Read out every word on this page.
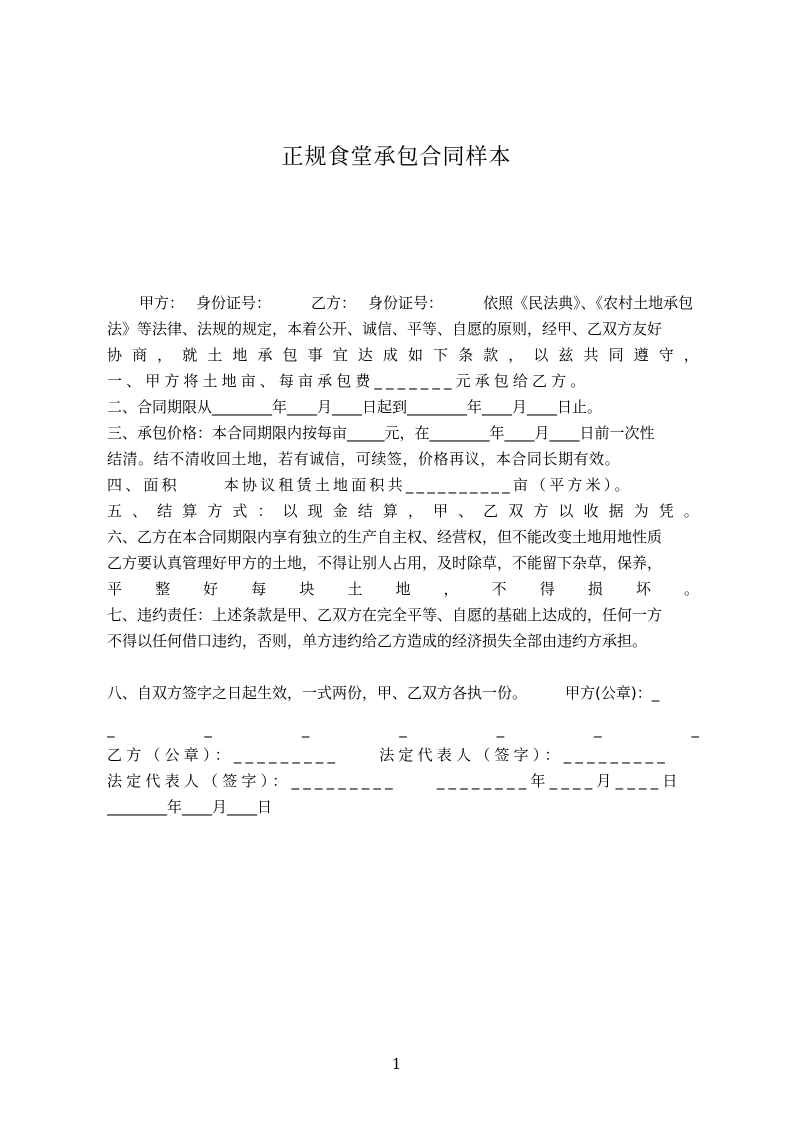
正规食堂承包合同样本
甲方： 身份证号：	乙方： 身份证号：	依照《民法典》、《农村土地承包
法》等法律、法规的规定，本着公开、诚信、平等、自愿的原则，经甲、乙双方友好
协 商 ， 就 土 地 承 包 事 宜 达 成 如 下 条 款 ， 以 兹 共 同 遵 守 ，
一、甲方将土地亩、每亩承包费_______元承包给乙方。
二、合同期限从________年____月____日起到________年____月____日止。
三、承包价格：本合同期限内按每亩_____元，在________年____月____日前一次性
结清。结不清收回土地，若有诚信，可续签，价格再议，本合同长期有效。
四、面积	本协议租赁土地面积共__________亩（平方米）。
五 、 结 算 方 式 ： 以 现 金 结 算 ， 甲 、 乙 双 方 以 收 据 为 凭 。
六、乙方在本合同期限内享有独立的生产自主权、经营权，但不能改变土地用地性质
乙方要认真管理好甲方的土地，不得让别人占用，及时除草，不能留下杂草，保养，
平 整 好 每 块 土 地 ， 不 得 损 坏 。
七、违约责任：上述条款是甲、乙双方在完全平等、自愿的基础上达成的，任何一方
不得以任何借口违约，否则，单方违约给乙方造成的经济损失全部由违约方承担。
八、自双方签字之日起生效，一式两份，甲、乙双方各执一份。	甲方(公章)：_
_	_	_	_	_	_	_
乙方（公章）：_________	法定代表人（签字）：_________
法定代表人（签字）：_________	________年____月____日
________年____月____日
1
